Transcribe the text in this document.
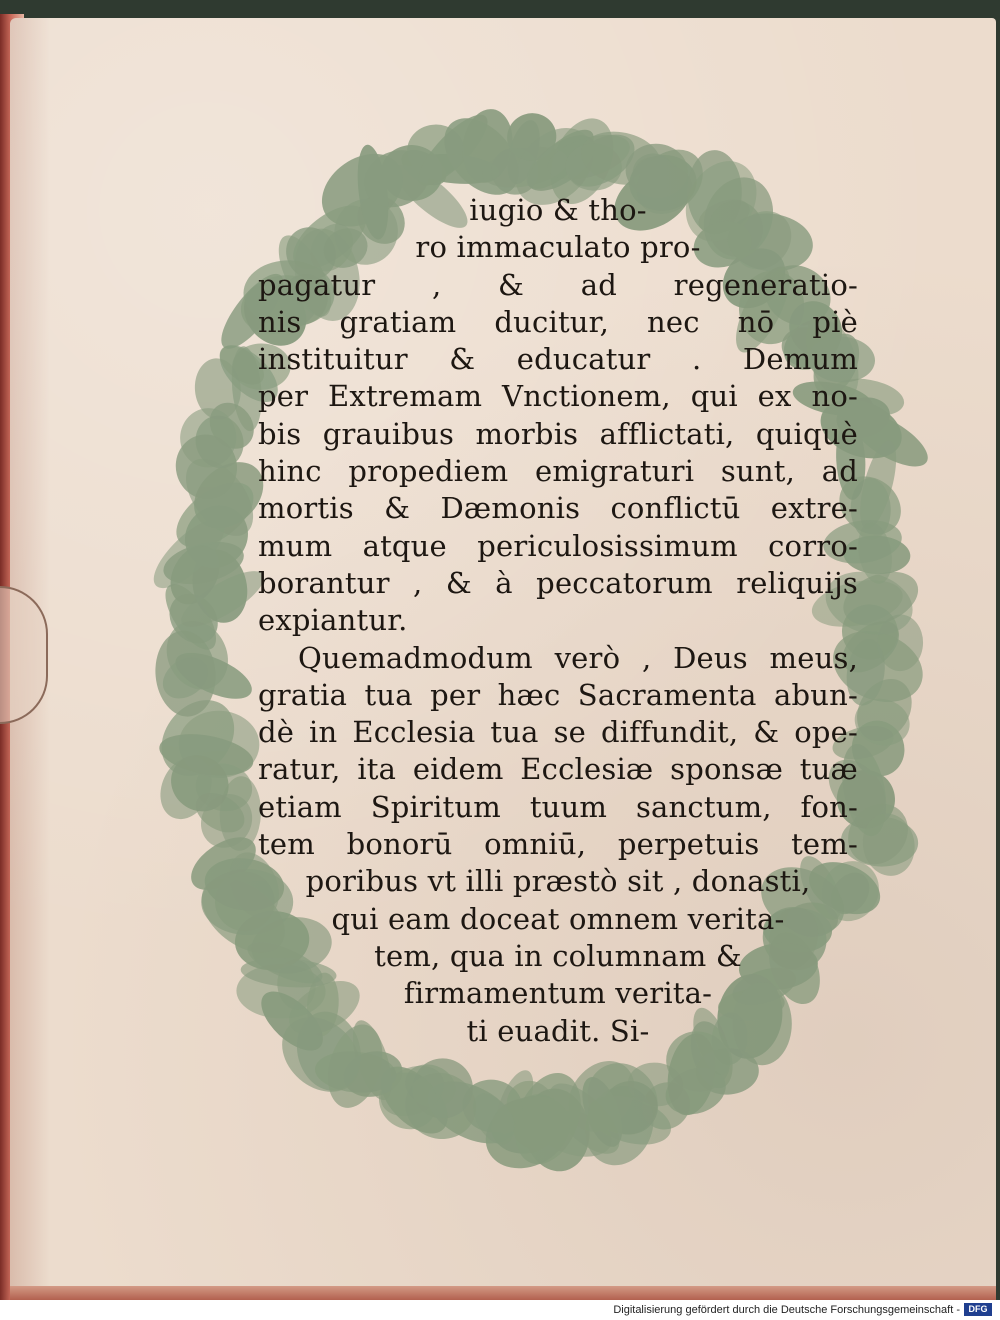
iugio & tho-
ro immaculato pro-
pagatur , & ad regeneratio-
nis gratiam ducitur, nec nō piè
instituitur & educatur . Demum
per Extremam Vnctionem, qui ex no-
bis grauibus morbis afflictati, quiquè
hinc propediem emigraturi sunt, ad
mortis & Dæmonis conflictū extre-
mum atque periculosissimum corro-
borantur , & à peccatorum reliquijs
expiantur.
Quemadmodum verò , Deus meus,
gratia tua per hæc Sacramenta abun-
dè in Ecclesia tua se diffundit, & ope-
ratur, ita eidem Ecclesiæ sponsæ tuæ
etiam Spiritum tuum sanctum, fon-
tem bonorū omniū, perpetuis tem-
poribus vt illi præstò sit , donasti,
qui eam doceat omnem verita-
tem, qua in columnam &
firmamentum verita-
ti euadit. Si-
Digitalisierung gefördert durch die Deutsche Forschungsgemeinschaft - DFG
